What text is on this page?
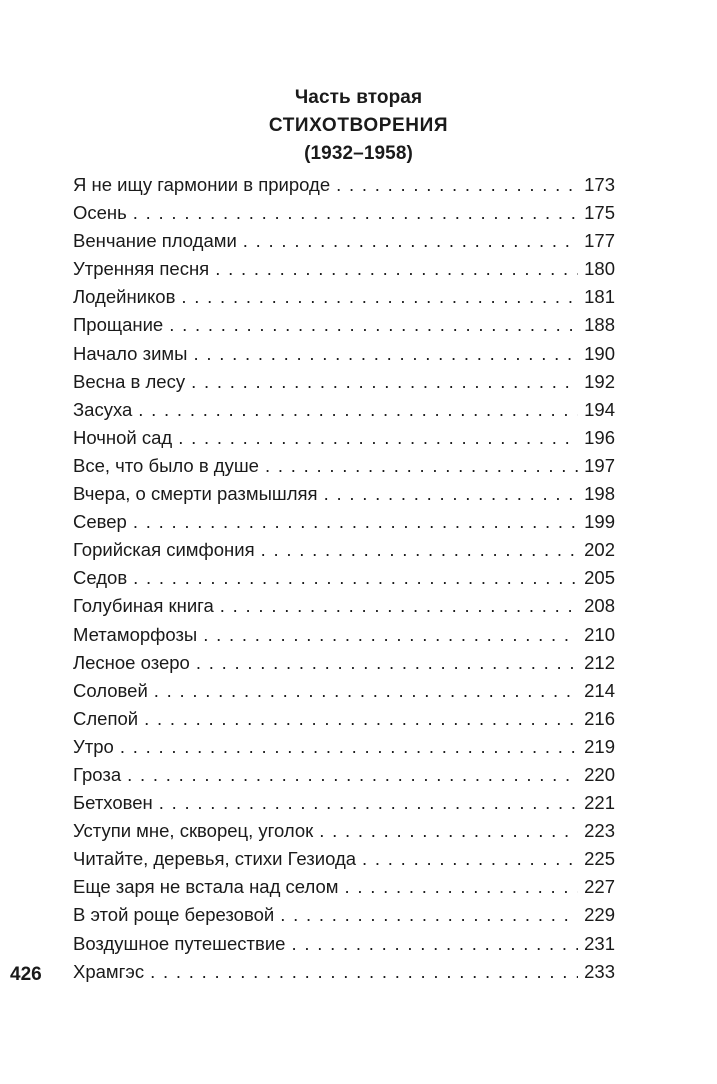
Часть вторая
СТИХОТВОРЕНИЯ
(1932–1958)
Я не ищу гармонии в природе . . .	173
Осень . . .	175
Венчание плодами . . .	177
Утренняя песня . . .	180
Лодейников . . .	181
Прощание . . .	188
Начало зимы . . .	190
Весна в лесу . . .	192
Засуха . . .	194
Ночной сад . . .	196
Все, что было в душе . . .	197
Вчера, о смерти размышляя . . .	198
Север . . .	199
Горийская симфония . . .	202
Седов . . .	205
Голубиная книга . . .	208
Метаморфозы . . .	210
Лесное озеро . . .	212
Соловей . . .	214
Слепой . . .	216
Утро . . .	219
Гроза . . .	220
Бетховен . . .	221
Уступи мне, скворец, уголок . . .	223
Читайте, деревья, стихи Гезиода . . .	225
Еще заря не встала над селом . . .	227
В этой роще березовой . . .	229
Воздушное путешествие . . .	231
Храмгэс . . .	233
426
